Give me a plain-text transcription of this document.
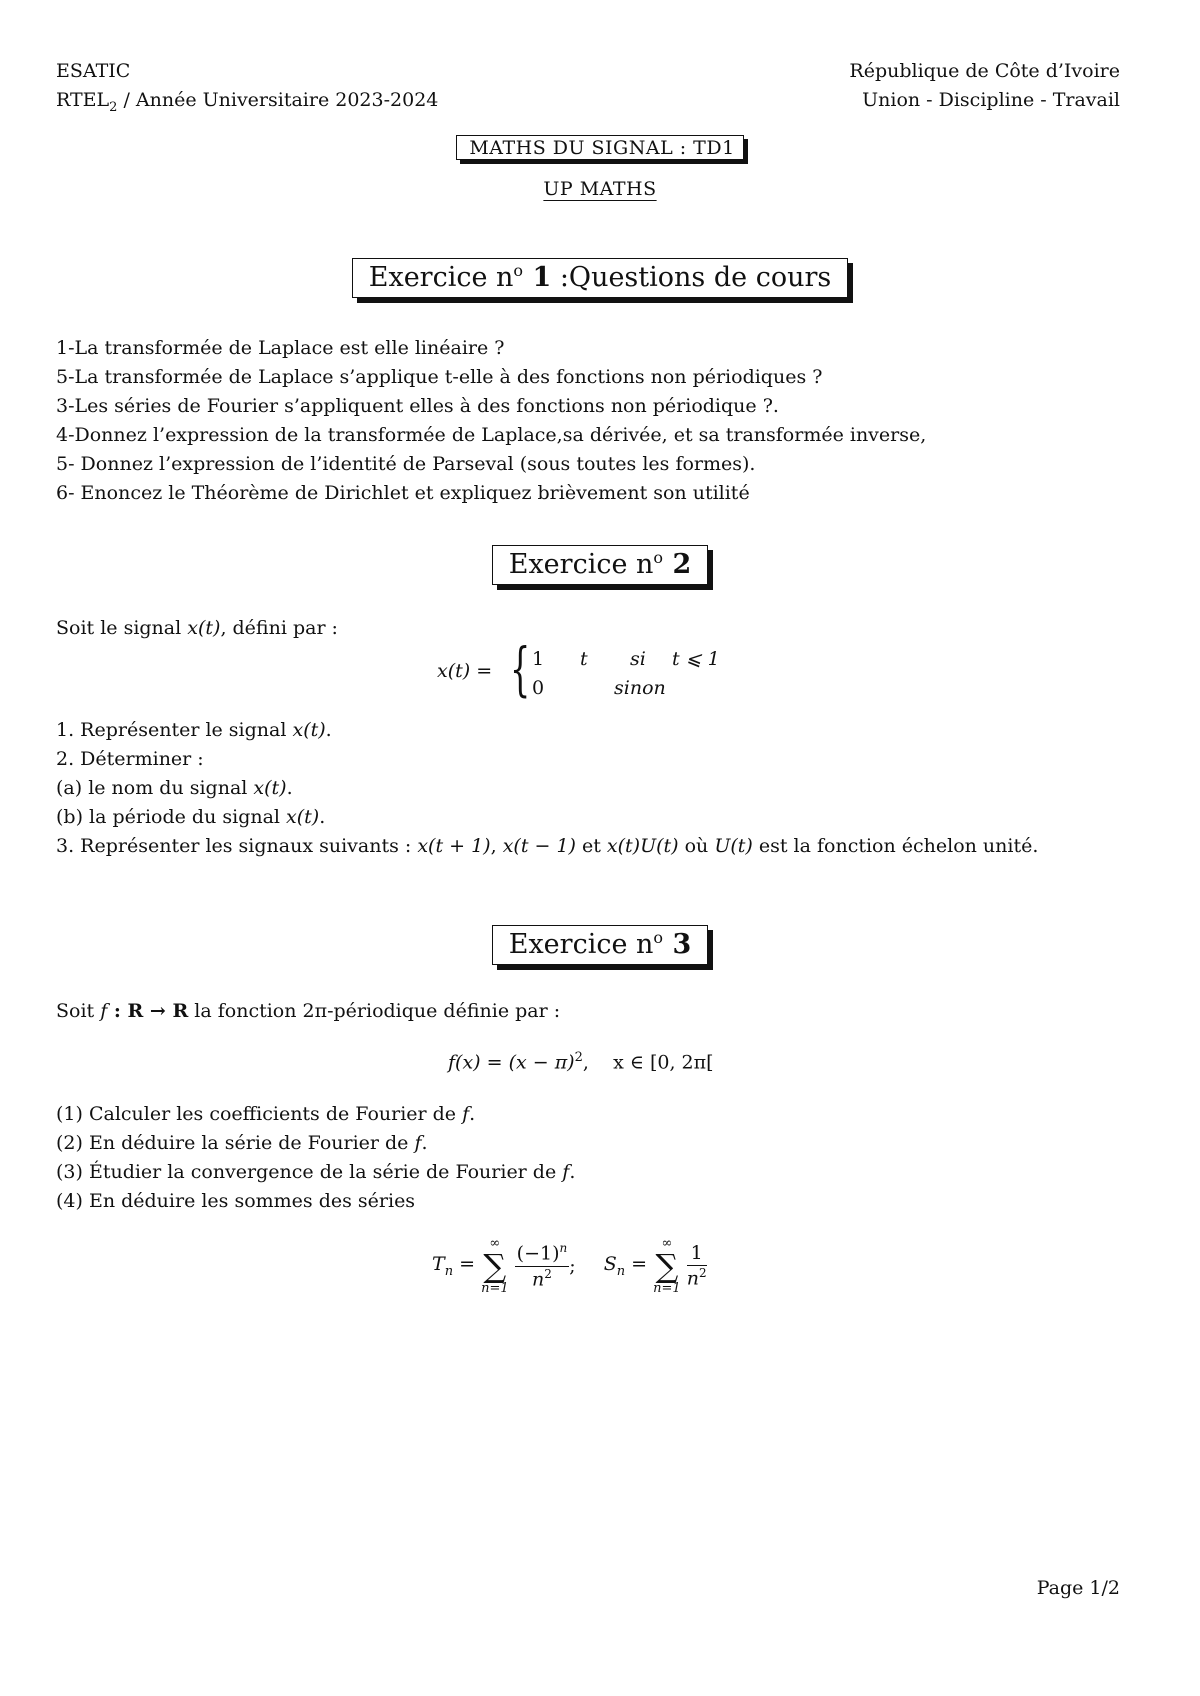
ESATIC
$RTEL_2$ / Année Universitaire 2023-2024
République de Côte d’Ivoire
Union - Discipline - Travail
MATHS DU SIGNAL : TD1
UP MATHS
Exercice $n^o$ 1 :Questions de cours
1-La transformée de Laplace est elle linéaire ?
5-La transformée de Laplace s’applique t-elle à des fonctions non périodiques ?
3-Les séries de Fourier s’appliquent elles à des fonctions non périodique ?.
4-Donnez l’expression de la transformée de Laplace,sa dérivée, et sa transformée inverse,
5- Donnez l’expression de l’identité de Parseval (sous toutes les formes).
6- Enoncez le Théorème de Dirichlet et expliquez brièvement son utilité
Exercice $n^o$ 2
Soit le signal x(t), défini par :
x(t) = { 1 t si t ⩽ 1
0	sinon
1. Représenter le signal x(t).
2. Déterminer :
(a) le nom du signal x(t).
(b) la période du signal x(t).
3. Représenter les signaux suivants : x(t + 1), x(t − 1) et x(t)U(t) où U(t) est la fonction échelon unité.
Exercice $n^o$ 3
Soit f : R → R la fonction 2π-périodique définie par :
$f(x) = (x - \pi)^2$,    x ∈ [0, 2π[
(1) Calculer les coefficients de Fourier de f.
(2) En déduire la série de Fourier de f.
(3) Étudier la convergence de la série de Fourier de f.
(4) En déduire les sommes des séries
$T_n$ =
∞
∑
n=1
$\frac{(-1)^n}{n^2}$ ; $S_n$ =
∞
∑
n=1
$\frac{1}{n^2}$
Page 1/2
